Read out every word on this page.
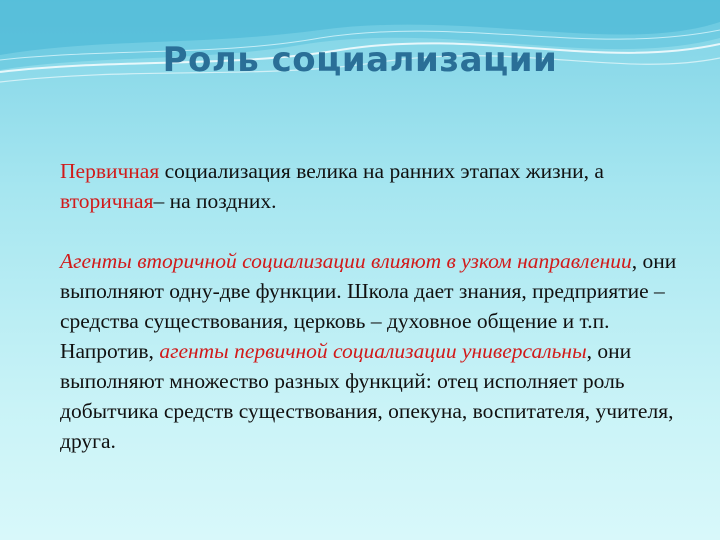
Роль социализации

Первичная социализация велика на ранних этапах жизни, а вторичная– на поздних.

Агенты вторичной социализации влияют в узком направлении, они выполняют одну-две функции. Школа дает знания, предприятие – средства существования, церковь – духовное общение и т.п. Напротив, агенты первичной социализации универсальны, они выполняют множество разных функций: отец исполняет роль добытчика средств существования, опекуна, воспитателя, учителя, друга.
